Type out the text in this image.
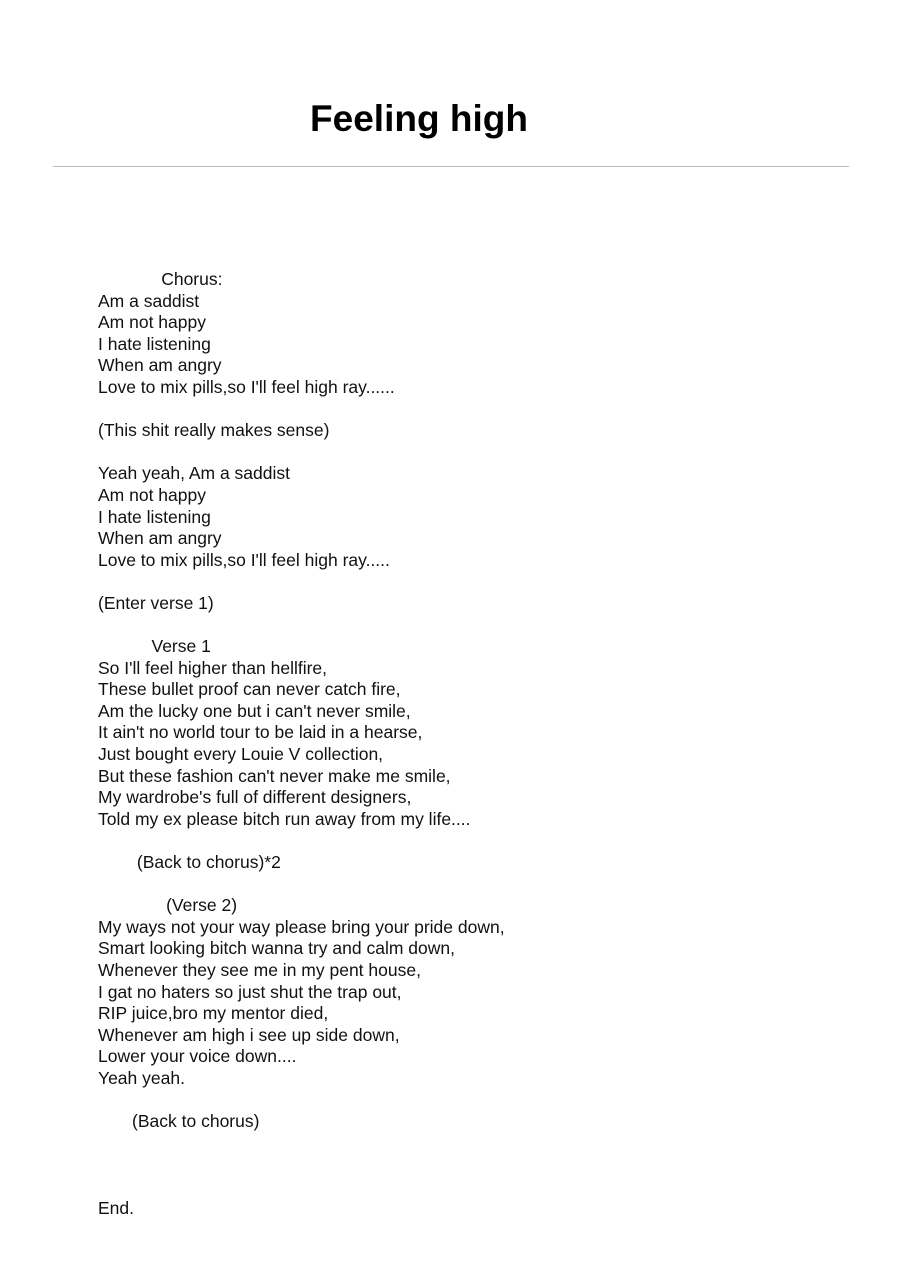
Feeling high
Chorus:
Am a saddist
Am not happy
I hate listening
When am angry
Love to mix pills,so I'll feel high ray......
(This shit really makes sense)
Yeah yeah, Am a saddist
Am not happy
I hate listening
When am angry
Love to mix pills,so I'll feel high ray.....
(Enter verse 1)
Verse 1
So I'll feel higher than hellfire,
These bullet proof can never catch fire,
Am the lucky one but i can't never smile,
It ain't no world tour to be laid in a hearse,
Just bought every Louie V collection,
But these fashion can't never make me smile,
My wardrobe's full of different designers,
Told my ex please bitch run away from my life....
(Back to chorus)*2
(Verse 2)
My ways not your way please bring your pride down,
Smart looking bitch wanna try and calm down,
Whenever they see me in my pent house,
I gat no haters so just shut the trap out,
RIP juice,bro my mentor died,
Whenever am high i see up side down,
Lower your voice down....
Yeah yeah.
(Back to chorus)
End.
